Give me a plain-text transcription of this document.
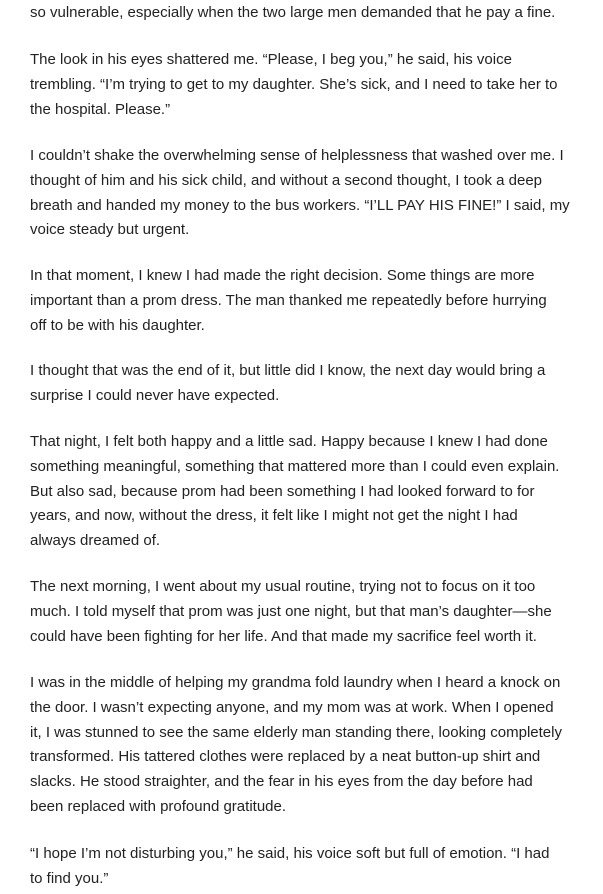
so vulnerable, especially when the two large men demanded that he pay a fine.

The look in his eyes shattered me. “Please, I beg you,” he said, his voice
trembling. “I’m trying to get to my daughter. She’s sick, and I need to take her to
the hospital. Please.”

I couldn’t shake the overwhelming sense of helplessness that washed over me. I
thought of him and his sick child, and without a second thought, I took a deep
breath and handed my money to the bus workers. “I’LL PAY HIS FINE!” I said, my
voice steady but urgent.

In that moment, I knew I had made the right decision. Some things are more
important than a prom dress. The man thanked me repeatedly before hurrying
off to be with his daughter.

I thought that was the end of it, but little did I know, the next day would bring a
surprise I could never have expected.

That night, I felt both happy and a little sad. Happy because I knew I had done
something meaningful, something that mattered more than I could even explain.
But also sad, because prom had been something I had looked forward to for
years, and now, without the dress, it felt like I might not get the night I had
always dreamed of.

The next morning, I went about my usual routine, trying not to focus on it too
much. I told myself that prom was just one night, but that man’s daughter—she
could have been fighting for her life. And that made my sacrifice feel worth it.

I was in the middle of helping my grandma fold laundry when I heard a knock on
the door. I wasn’t expecting anyone, and my mom was at work. When I opened
it, I was stunned to see the same elderly man standing there, looking completely
transformed. His tattered clothes were replaced by a neat button-up shirt and
slacks. He stood straighter, and the fear in his eyes from the day before had
been replaced with profound gratitude.

“I hope I’m not disturbing you,” he said, his voice soft but full of emotion. “I had
to find you.”
